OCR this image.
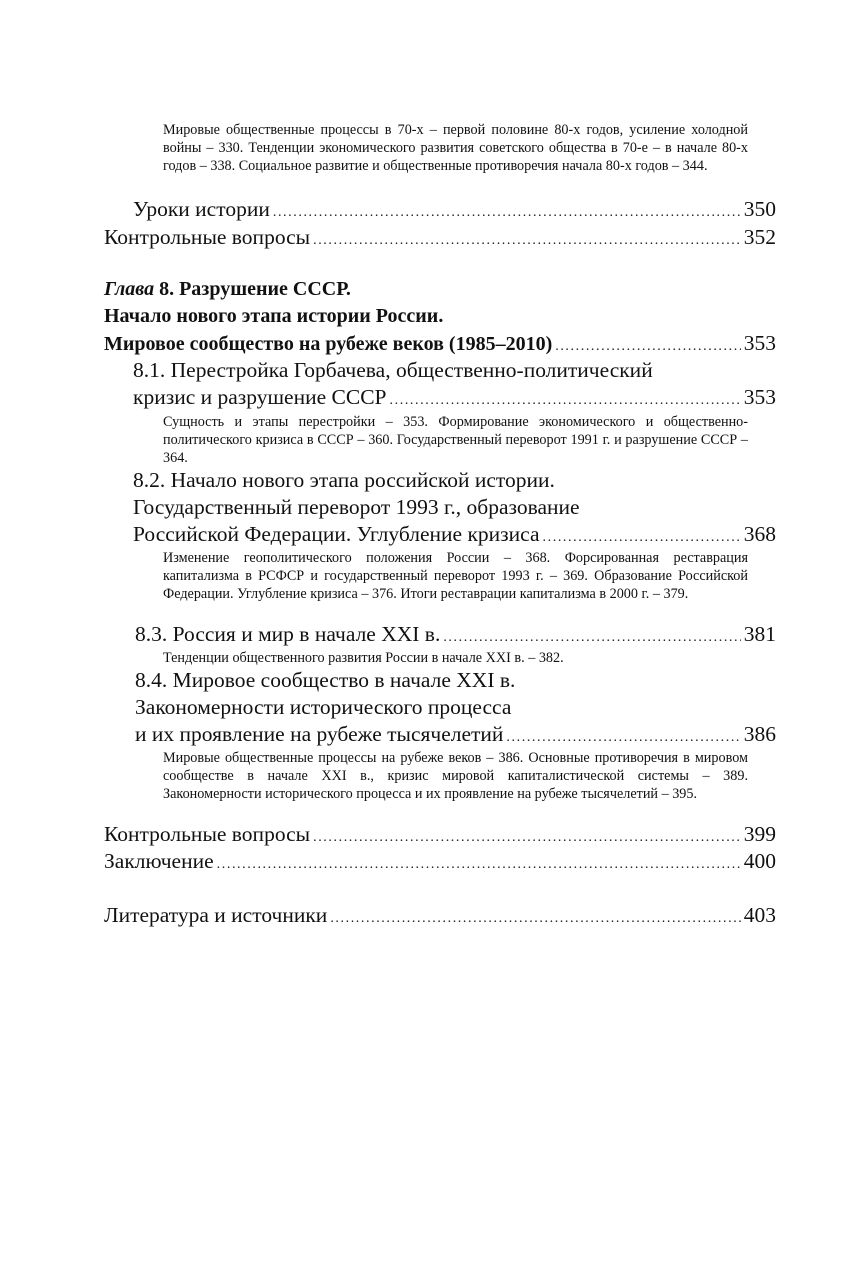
Мировые общественные процессы в 70-х – первой половине 80-х годов, усиление холодной войны – 330. Тенденции экономического развития советского общества в 70-е – в начале 80-х годов – 338. Социальное развитие и общественные противоречия начала 80-х годов – 344.
Уроки истории .....	350
Контрольные вопросы .....	352
Глава 8. Разрушение СССР.
Начало нового этапа истории России.
Мировое сообщество на рубеже веков (1985–2010) .....	353
8.1. Перестройка Горбачева, общественно-политический
кризис и разрушение СССР .....	353
Сущность и этапы перестройки – 353. Формирование экономического и общественно-политического кризиса в СССР – 360. Государственный переворот 1991 г. и разрушение СССР – 364.
8.2. Начало нового этапа российской истории.
Государственный переворот 1993 г., образование
Российской Федерации. Углубление кризиса .....	368
Изменение геополитического положения России – 368. Форсированная реставрация капитализма в РСФСР и государственный переворот 1993 г. – 369. Образование Российской Федерации. Углубление кризиса – 376. Итоги реставрации капитализма в 2000 г. – 379.
8.3. Россия и мир в начале XXI в. .....	381
Тенденции общественного развития России в начале XXI в. – 382.
8.4. Мировое сообщество в начале XXI в.
Закономерности исторического процесса
и их проявление на рубеже тысячелетий .....	386
Мировые общественные процессы на рубеже веков – 386. Основные противоречия в мировом сообществе в начале XXI в., кризис мировой капиталистической системы – 389. Закономерности исторического процесса и их проявление на рубеже тысячелетий – 395.
Контрольные вопросы .....	399
Заключение .....	400
Литература и источники .....	403
